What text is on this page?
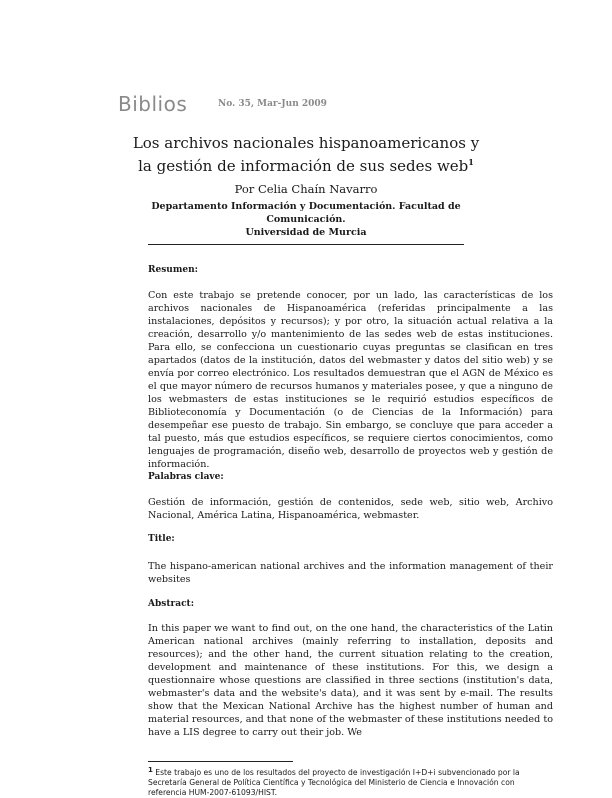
Biblios	No. 35, Mar-Jun 2009
Los archivos nacionales hispanoamericanos y la gestión de información de sus sedes web$^1$
Por Celia Chaín Navarro
Departamento Información y Documentación. Facultad de Comunicación.
Universidad de Murcia
Resumen:
Con este trabajo se pretende conocer, por un lado, las características de los archivos nacionales de Hispanoamérica (referidas principalmente a las instalaciones, depósitos y recursos); y por otro, la situación actual relativa a la creación, desarrollo y/o mantenimiento de las sedes web de estas instituciones. Para ello, se confecciona un cuestionario cuyas preguntas se clasifican en tres apartados (datos de la institución, datos del webmaster y datos del sitio web) y se envía por correo electrónico. Los resultados demuestran que el AGN de México es el que mayor número de recursos humanos y materiales posee, y que a ninguno de los webmasters de estas instituciones se le requirió estudios específicos de Biblioteconomía y Documentación (o de Ciencias de la Información) para desempeñar ese puesto de trabajo. Sin embargo, se concluye que para acceder a tal puesto, más que estudios específicos, se requiere ciertos conocimientos, como lenguajes de programación, diseño web, desarrollo de proyectos web y gestión de información.
Palabras clave:
Gestión de información, gestión de contenidos, sede web, sitio web, Archivo Nacional, América Latina, Hispanoamérica, webmaster.
Title:
The hispano-american national archives and the information management of their websites
Abstract:
In this paper we want to find out, on the one hand, the characteristics of the Latin American national archives (mainly referring to installation, deposits and resources); and the other hand, the current situation relating to the creation, development and maintenance of these institutions. For this, we design a questionnaire whose questions are classified in three sections (institution's data, webmaster's data and the website's data), and it was sent by e-mail. The results show that the Mexican National Archive has the highest number of human and material resources, and that none of the webmaster of these institutions needed to have a LIS degree to carry out their job. We
$^1$ Este trabajo es uno de los resultados del proyecto de investigación I+D+i subvencionado por la Secretaría General de Política Científica y Tecnológica del Ministerio de Ciencia e Innovación con referencia HUM-2007-61093/HIST.
